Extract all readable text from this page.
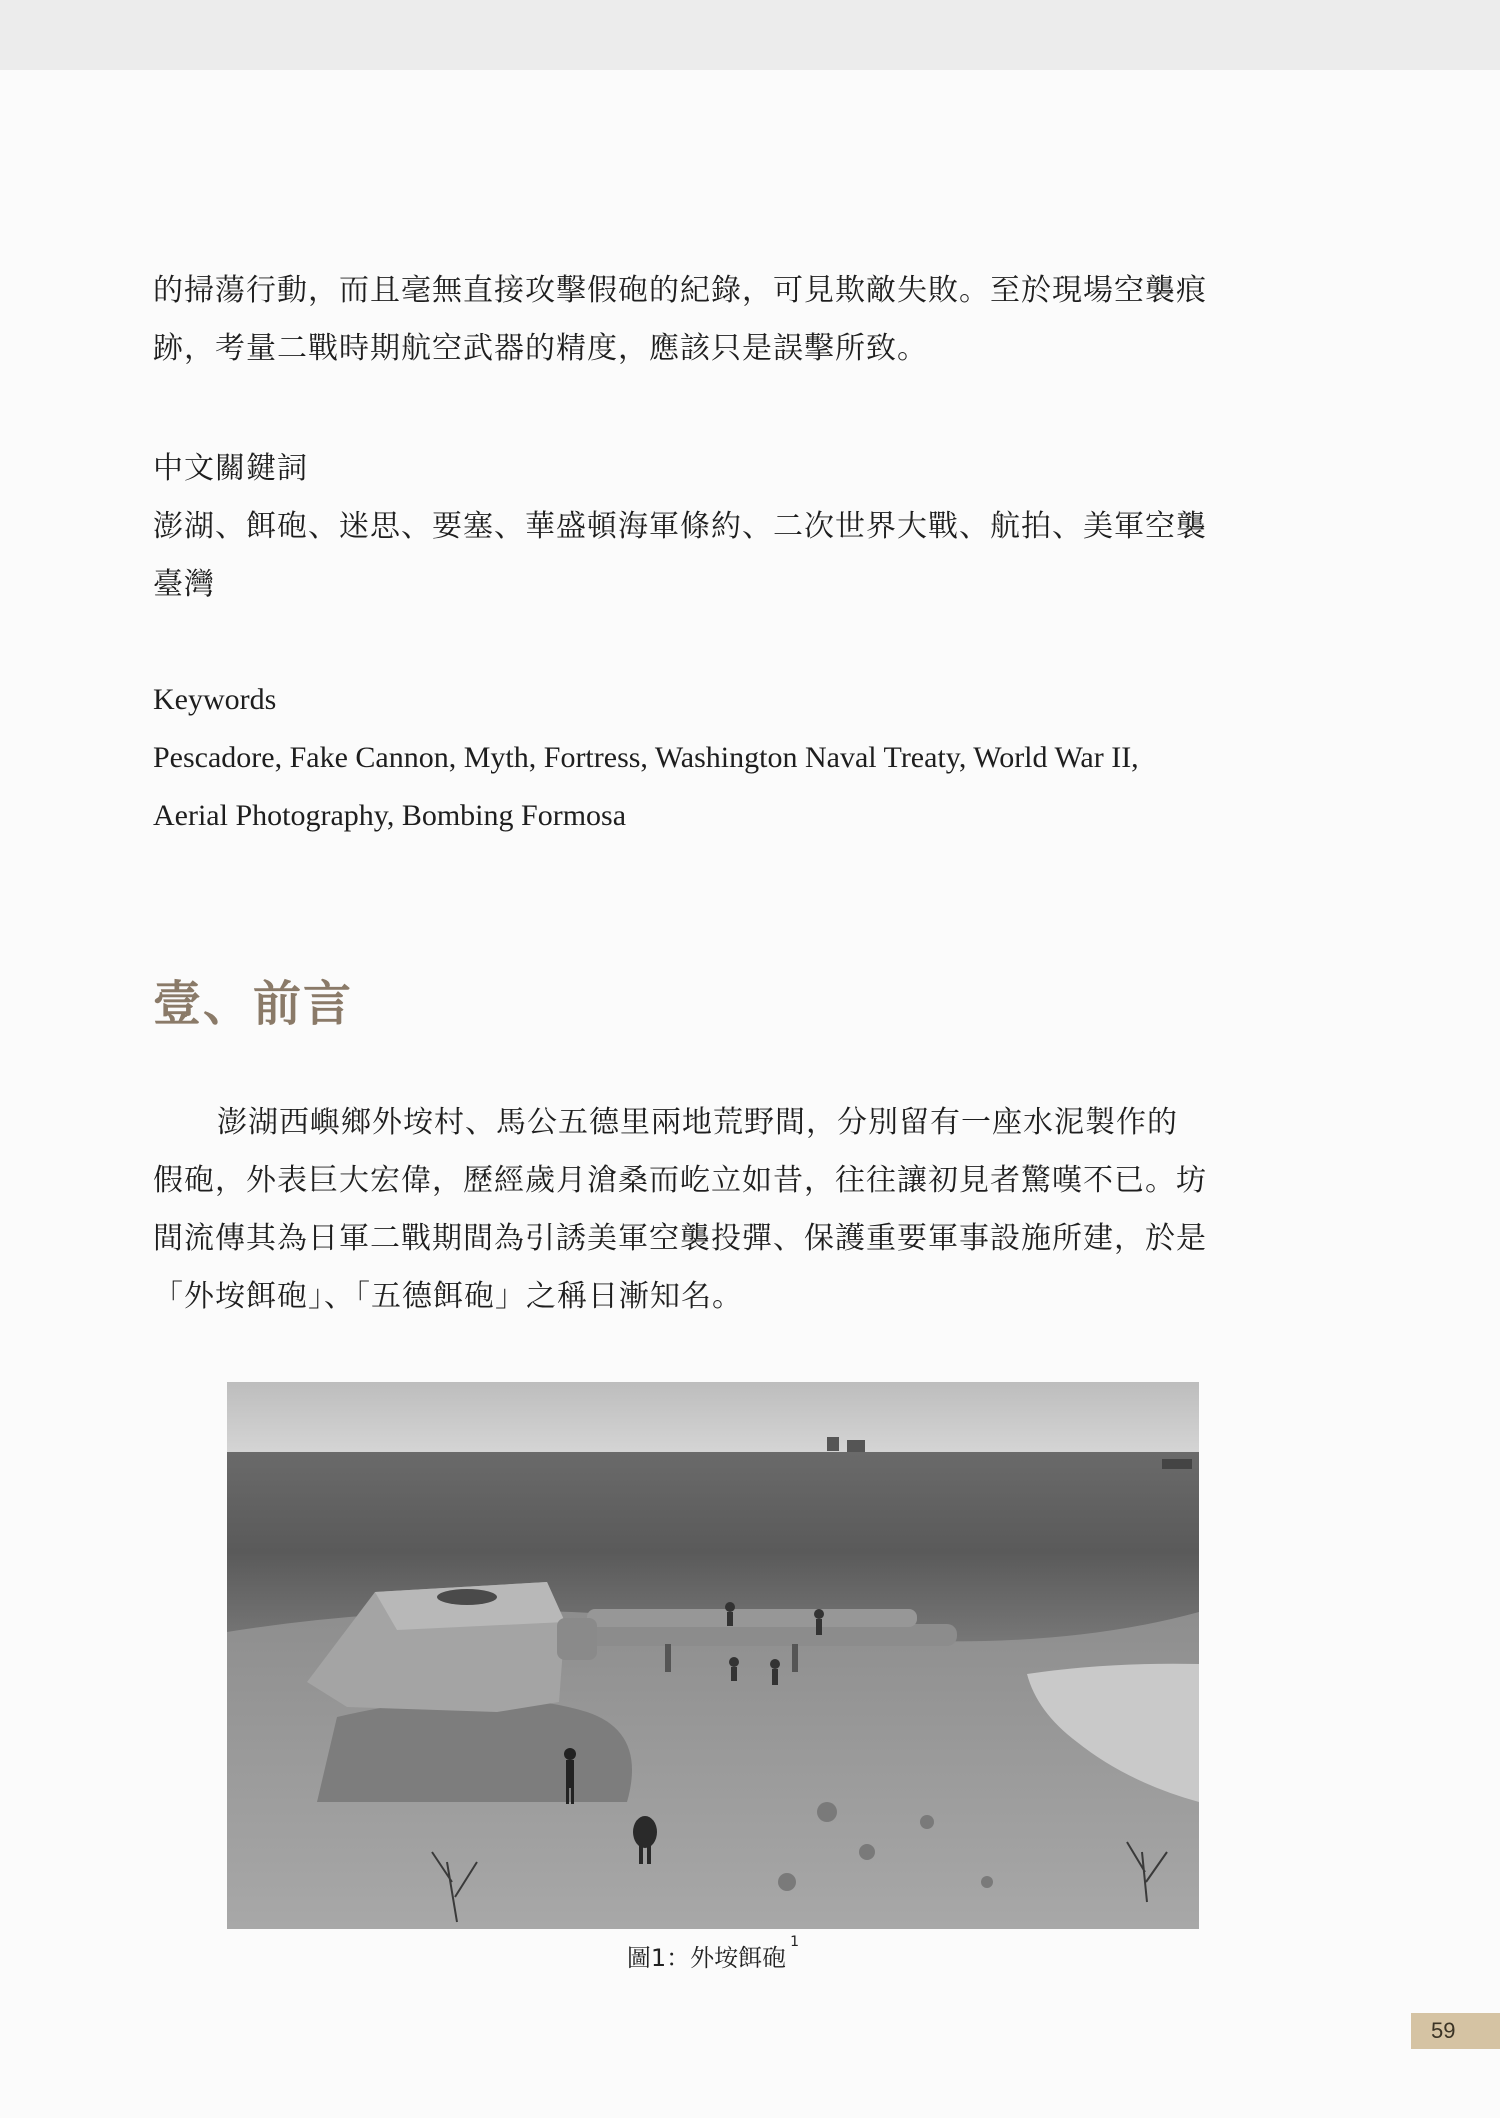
的掃蕩行動，而且毫無直接攻擊假砲的紀錄，可見欺敵失敗。至於現場空襲痕

跡，考量二戰時期航空武器的精度，應該只是誤擊所致。

中文關鍵詞

澎湖、餌砲、迷思、要塞、華盛頓海軍條約、二次世界大戰、航拍、美軍空襲

臺灣

Keywords

Pescadore, Fake Cannon, Myth, Fortress, Washington Naval Treaty, World War II,

Aerial Photography, Bombing Formosa

壹、前言

澎湖西嶼鄉外垵村、馬公五德里兩地荒野間，分別留有一座水泥製作的

假砲，外表巨大宏偉，歷經歲月滄桑而屹立如昔，往往讓初見者驚嘆不已。坊

間流傳其為日軍二戰期間為引誘美軍空襲投彈、保護重要軍事設施所建，於是

「外垵餌砲」、「五德餌砲」之稱日漸知名。

圖1：外垵餌砲$^1$
59
